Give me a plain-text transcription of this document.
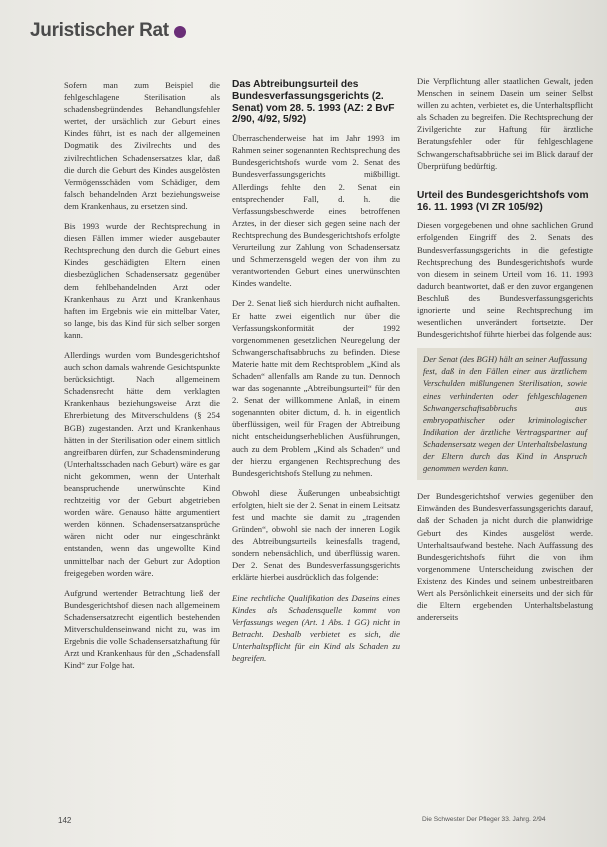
Juristischer Rat

Sofern man zum Beispiel die fehlgeschlagene Sterilisation als schadensbegründendes Behandlungsfehler wertet, der ursächlich zur Geburt eines Kindes führt, ist es nach der allgemeinen Dogmatik des Zivilrechts und des zivilrechtlichen Schadensersatzes klar, daß die durch die Geburt des Kindes ausgelösten Vermögensschäden vom Schädiger, dem falsch behandelnden Arzt beziehungsweise dem Krankenhaus, zu ersetzen sind.

Bis 1993 wurde der Rechtsprechung in diesen Fällen immer wieder ausgebauter Rechtsprechung den durch die Geburt eines Kindes geschädigten Eltern einen diesbezüglichen Schadensersatz gegenüber dem fehlbehandelnden Arzt oder Krankenhaus zu Arzt und Krankenhaus haften im Ergebnis wie ein mittelbar Vater, so lange, bis das Kind für sich selber sorgen kann.

Allerdings wurden vom Bundesgerichtshof auch schon damals wahrende Gesichtspunkte berücksichtigt. Nach allgemeinem Schadensrecht hätte dem verklagten Krankenhaus beziehungsweise Arzt die Ehrerbietung des Mitverschuldens (§ 254 BGB) zugestanden. Arzt und Krankenhaus hätten in der Sterilisation oder einem sittlich angreifbaren dürfen, zur Schadensminderung (Unterhaltsschaden nach Geburt) wäre es gar nicht gekommen, wenn der Unterhalt beanspruchende unerwünschte Kind rechtzeitig vor der Geburt abgetrieben worden wäre. Genauso hätte argumentiert werden können. Schadensersatzansprüche wären nicht oder nur eingeschränkt entstanden, wenn das ungewollte Kind unmittelbar nach der Geburt zur Adoption freigegeben worden wäre.

Aufgrund wertender Betrachtung ließ der Bundesgerichtshof diesen nach allgemeinem Schadensersatzrecht eigentlich bestehenden Mitverschuldenseinwand nicht zu, was im Ergebnis die volle Schadensersatzhaftung für Arzt und Krankenhaus für den „Schadensfall Kind“ zur Folge hat.

Das Abtreibungsurteil des Bundesverfassungsgerichts (2. Senat) vom 28. 5. 1993 (AZ: 2 BvF 2/90, 4/92, 5/92)

Überraschenderweise hat im Jahr 1993 im Rahmen seiner sogenannten Rechtsprechung des Bundesgerichtshofs wurde vom 2. Senat des Bundesverfassungsgerichts mißbilligt. Allerdings fehlte den 2. Senat ein entsprechender Fall, d. h. die Verfassungsbeschwerde eines betroffenen Arztes, in der dieser sich gegen seine nach der Rechtsprechung des Bundesgerichtshofs erfolgte Verurteilung zur Zahlung von Schadensersatz und Schmerzensgeld wegen der von ihm zu verantwortenden Geburt eines unerwünschten Kindes wandelte.

Der 2. Senat ließ sich hierdurch nicht aufhalten. Er hatte zwei eigentlich nur über die Verfassungskonformität der 1992 vorgenommenen gesetzlichen Neuregelung der Schwangerschaftsabbruchs zu befinden. Diese Materie hatte mit dem Rechtsproblem „Kind als Schaden“ allenfalls am Rande zu tun. Dennoch war das sogenannte „Abtreibungsurteil“ für den 2. Senat der willkommene Anlaß, in einem sogenannten obiter dictum, d. h. in eigentlich überflüssigen, weil für Fragen der Abtreibung nicht entscheidungserheblichen Ausführungen, auch zu dem Problem „Kind als Schaden“ und der hierzu ergangenen Rechtsprechung des Bundesgerichtshofs Stellung zu nehmen.

Obwohl diese Äußerungen unbeabsichtigt erfolgten, hielt sie der 2. Senat in einem Leitsatz fest und machte sie damit zu „tragenden Gründen“, obwohl sie nach der inneren Logik des Abtreibungsurteils keinesfalls tragend, sondern nebensächlich, und überflüssig waren. Der 2. Senat des Bundesverfassungsgerichts erklärte hierbei ausdrücklich das folgende:

Eine rechtliche Qualifikation des Daseins eines Kindes als Schadensquelle kommt von Verfassungs wegen (Art. 1 Abs. 1 GG) nicht in Betracht. Deshalb verbietet es sich, die Unterhaltspflicht für ein Kind als Schaden zu begreifen.

Die Verpflichtung aller staatlichen Gewalt, jeden Menschen in seinem Dasein um seiner Selbst willen zu achten, verbietet es, die Unterhaltspflicht als Schaden zu begreifen. Die Rechtsprechung der Zivilgerichte zur Haftung für ärztliche Beratungsfehler oder für fehlgeschlagene Schwangerschaftsabbrüche sei im Blick darauf der Überprüfung bedürftig.

Urteil des Bundesgerichtshofs vom 16. 11. 1993 (VI ZR 105/92)

Diesen vorgegebenen und ohne sachlichen Grund erfolgenden Eingriff des 2. Senats des Bundesverfassungsgerichts in die gefestigte Rechtsprechung des Bundesgerichtshofs wurde von diesem in seinem Urteil vom 16. 11. 1993 dadurch beantwortet, daß er den zuvor ergangenen Beschluß des Bundesverfassungsgerichts ignorierte und seine Rechtsprechung im wesentlichen unverändert fortsetzte. Der Bundesgerichtshof führte hierbei das folgende aus:

Der Senat (des BGH) hält an seiner Auffassung fest, daß in den Fällen einer aus ärztlichem Verschulden mißlungenen Sterilisation, sowie eines verhinderten oder fehlgeschlagenen Schwangerschaftsabbruchs aus embryopathischer oder kriminologischer Indikation der ärztliche Vertragspartner auf Schadensersatz wegen der Unterhaltsbelastung der Eltern durch das Kind in Anspruch genommen werden kann.

Der Bundesgerichtshof verwies gegenüber den Einwänden des Bundesverfassungsgerichts darauf, daß der Schaden ja nicht durch die planwidrige Geburt des Kindes ausgelöst werde. Unterhaltsaufwand bestehe. Nach Auffassung des Bundesgerichtshofs führt die von ihm vorgenommene Unterscheidung zwischen der Existenz des Kindes und seinem unbestreitbaren Wert als Persönlichkeit einerseits und der sich für die Eltern ergebenden Unterhaltsbelastung andererseits

142	Die Schwester Der Pfleger 33. Jahrg. 2/94
